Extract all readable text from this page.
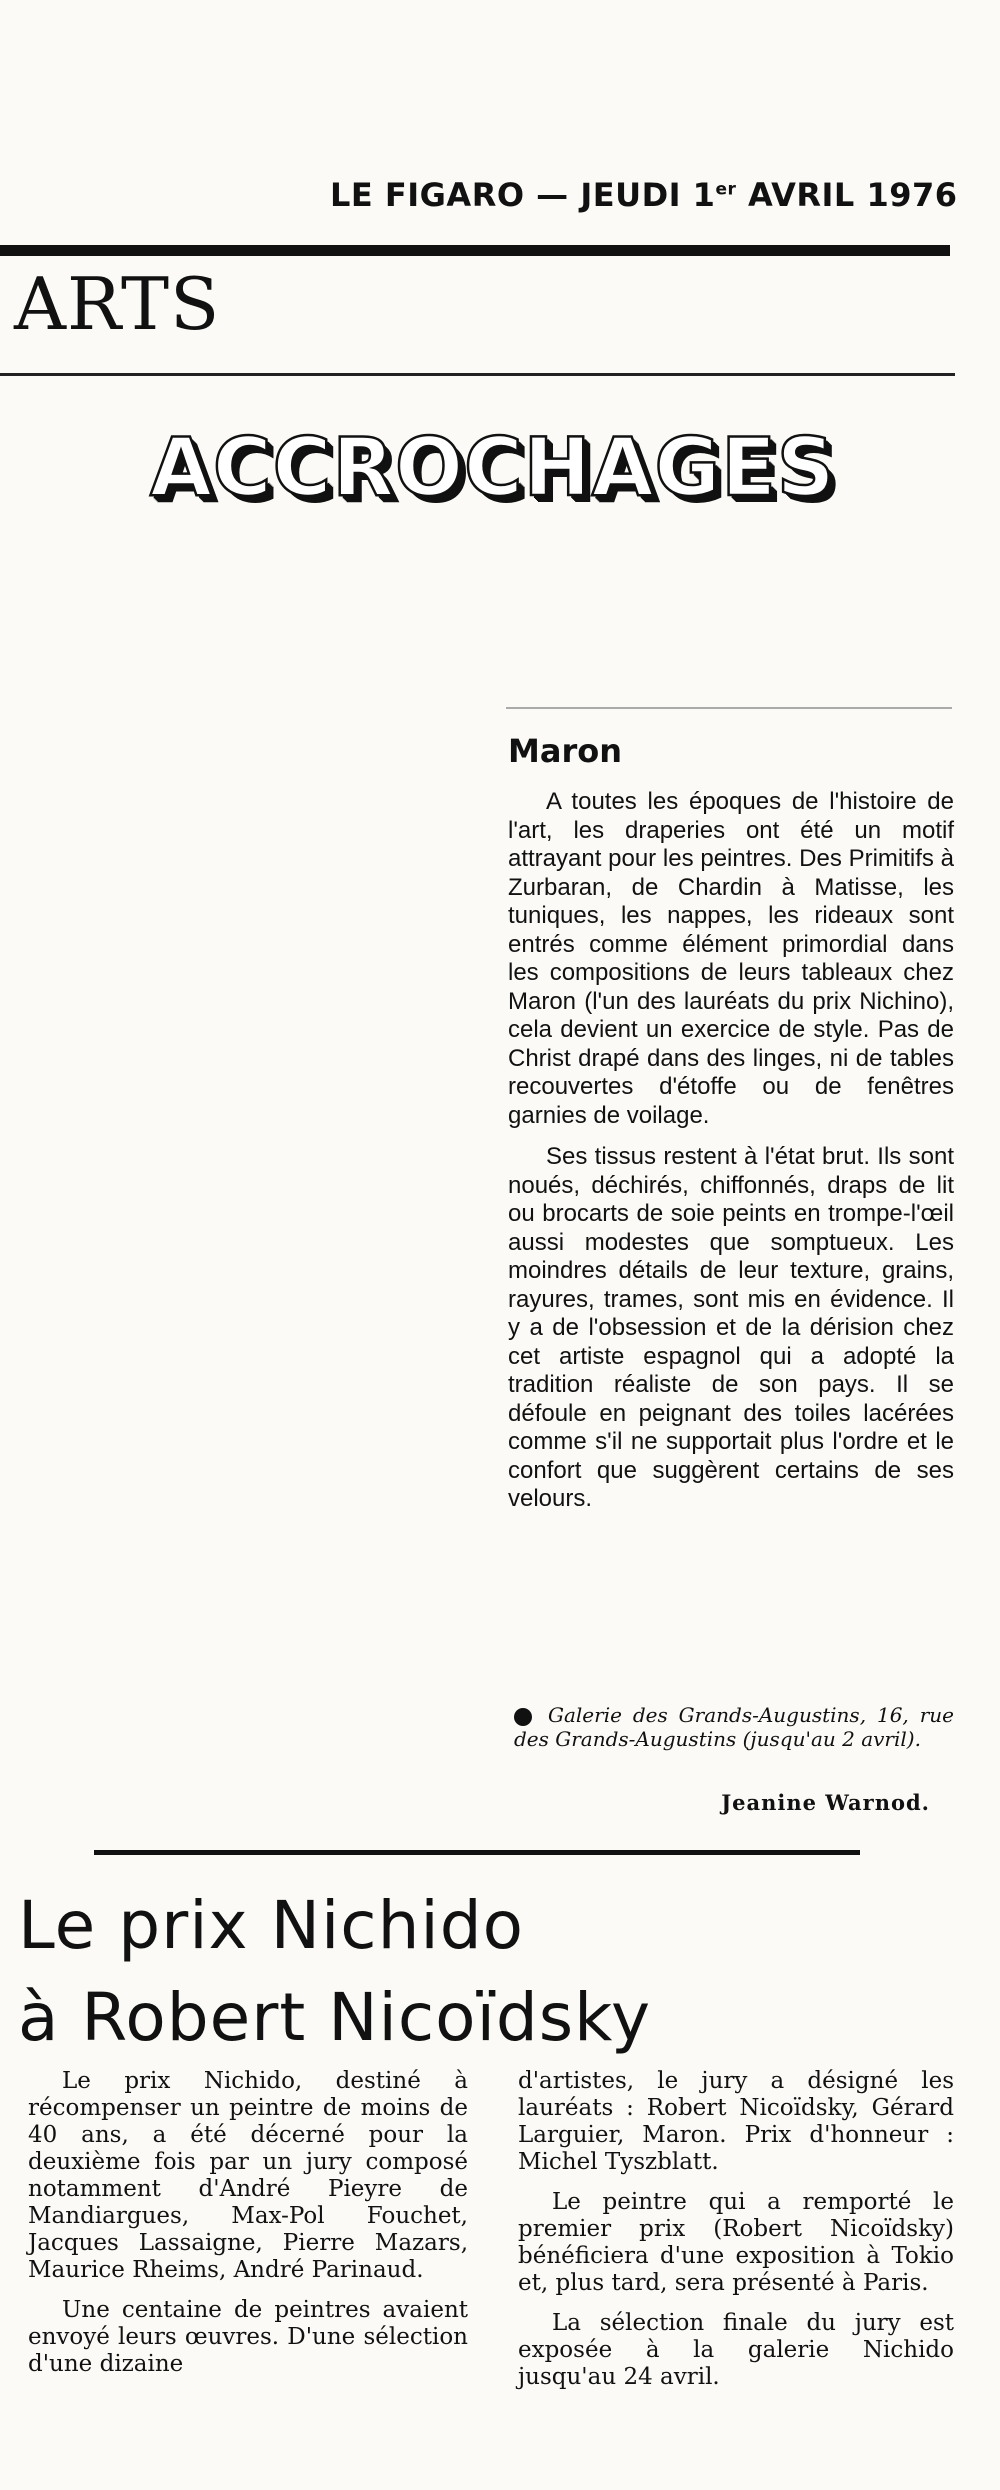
LE FIGARO — JEUDI 1er AVRIL 1976
ARTS
ACCROCHAGES
Maron

A toutes les époques de l'histoire de l'art, les draperies ont été un motif attrayant pour les peintres. Des Primitifs à Zurbaran, de Chardin à Matisse, les tuniques, les nappes, les rideaux sont entrés comme élément primordial dans les compositions de leurs tableaux chez Maron (l'un des lauréats du prix Nichino), cela devient un exercice de style. Pas de Christ drapé dans des linges, ni de tables recouvertes d'étoffe ou de fenêtres garnies de voilage.

Ses tissus restent à l'état brut. Ils sont noués, déchirés, chiffonnés, draps de lit ou brocarts de soie peints en trompe-l'œil aussi modestes que somptueux. Les moindres détails de leur texture, grains, rayures, trames, sont mis en évidence. Il y a de l'obsession et de la dérision chez cet artiste espagnol qui a adopté la tradition réaliste de son pays. Il se défoule en peignant des toiles lacérées comme s'il ne supportait plus l'ordre et le confort que suggèrent certains de ses velours.

Galerie des Grands-Augustins, 16, rue des Grands-Augustins (jusqu'au 2 avril).
Jeanine Warnod.
Le prix Nichido
à Robert Nicoïdsky

Le prix Nichido, destiné à récompenser un peintre de moins de 40 ans, a été décerné pour la deuxième fois par un jury composé notamment d'André Pieyre de Mandiargues, Max-Pol Fouchet, Jacques Lassaigne, Pierre Mazars, Maurice Rheims, André Parinaud.

Une centaine de peintres avaient envoyé leurs œuvres. D'une sélection d'une dizaine

d'artistes, le jury a désigné les lauréats : Robert Nicoïdsky, Gérard Larguier, Maron. Prix d'honneur : Michel Tyszblatt.

Le peintre qui a remporté le premier prix (Robert Nicoïdsky) bénéficiera d'une exposition à Tokio et, plus tard, sera présenté à Paris.

La sélection finale du jury est exposée à la galerie Nichido jusqu'au 24 avril.
